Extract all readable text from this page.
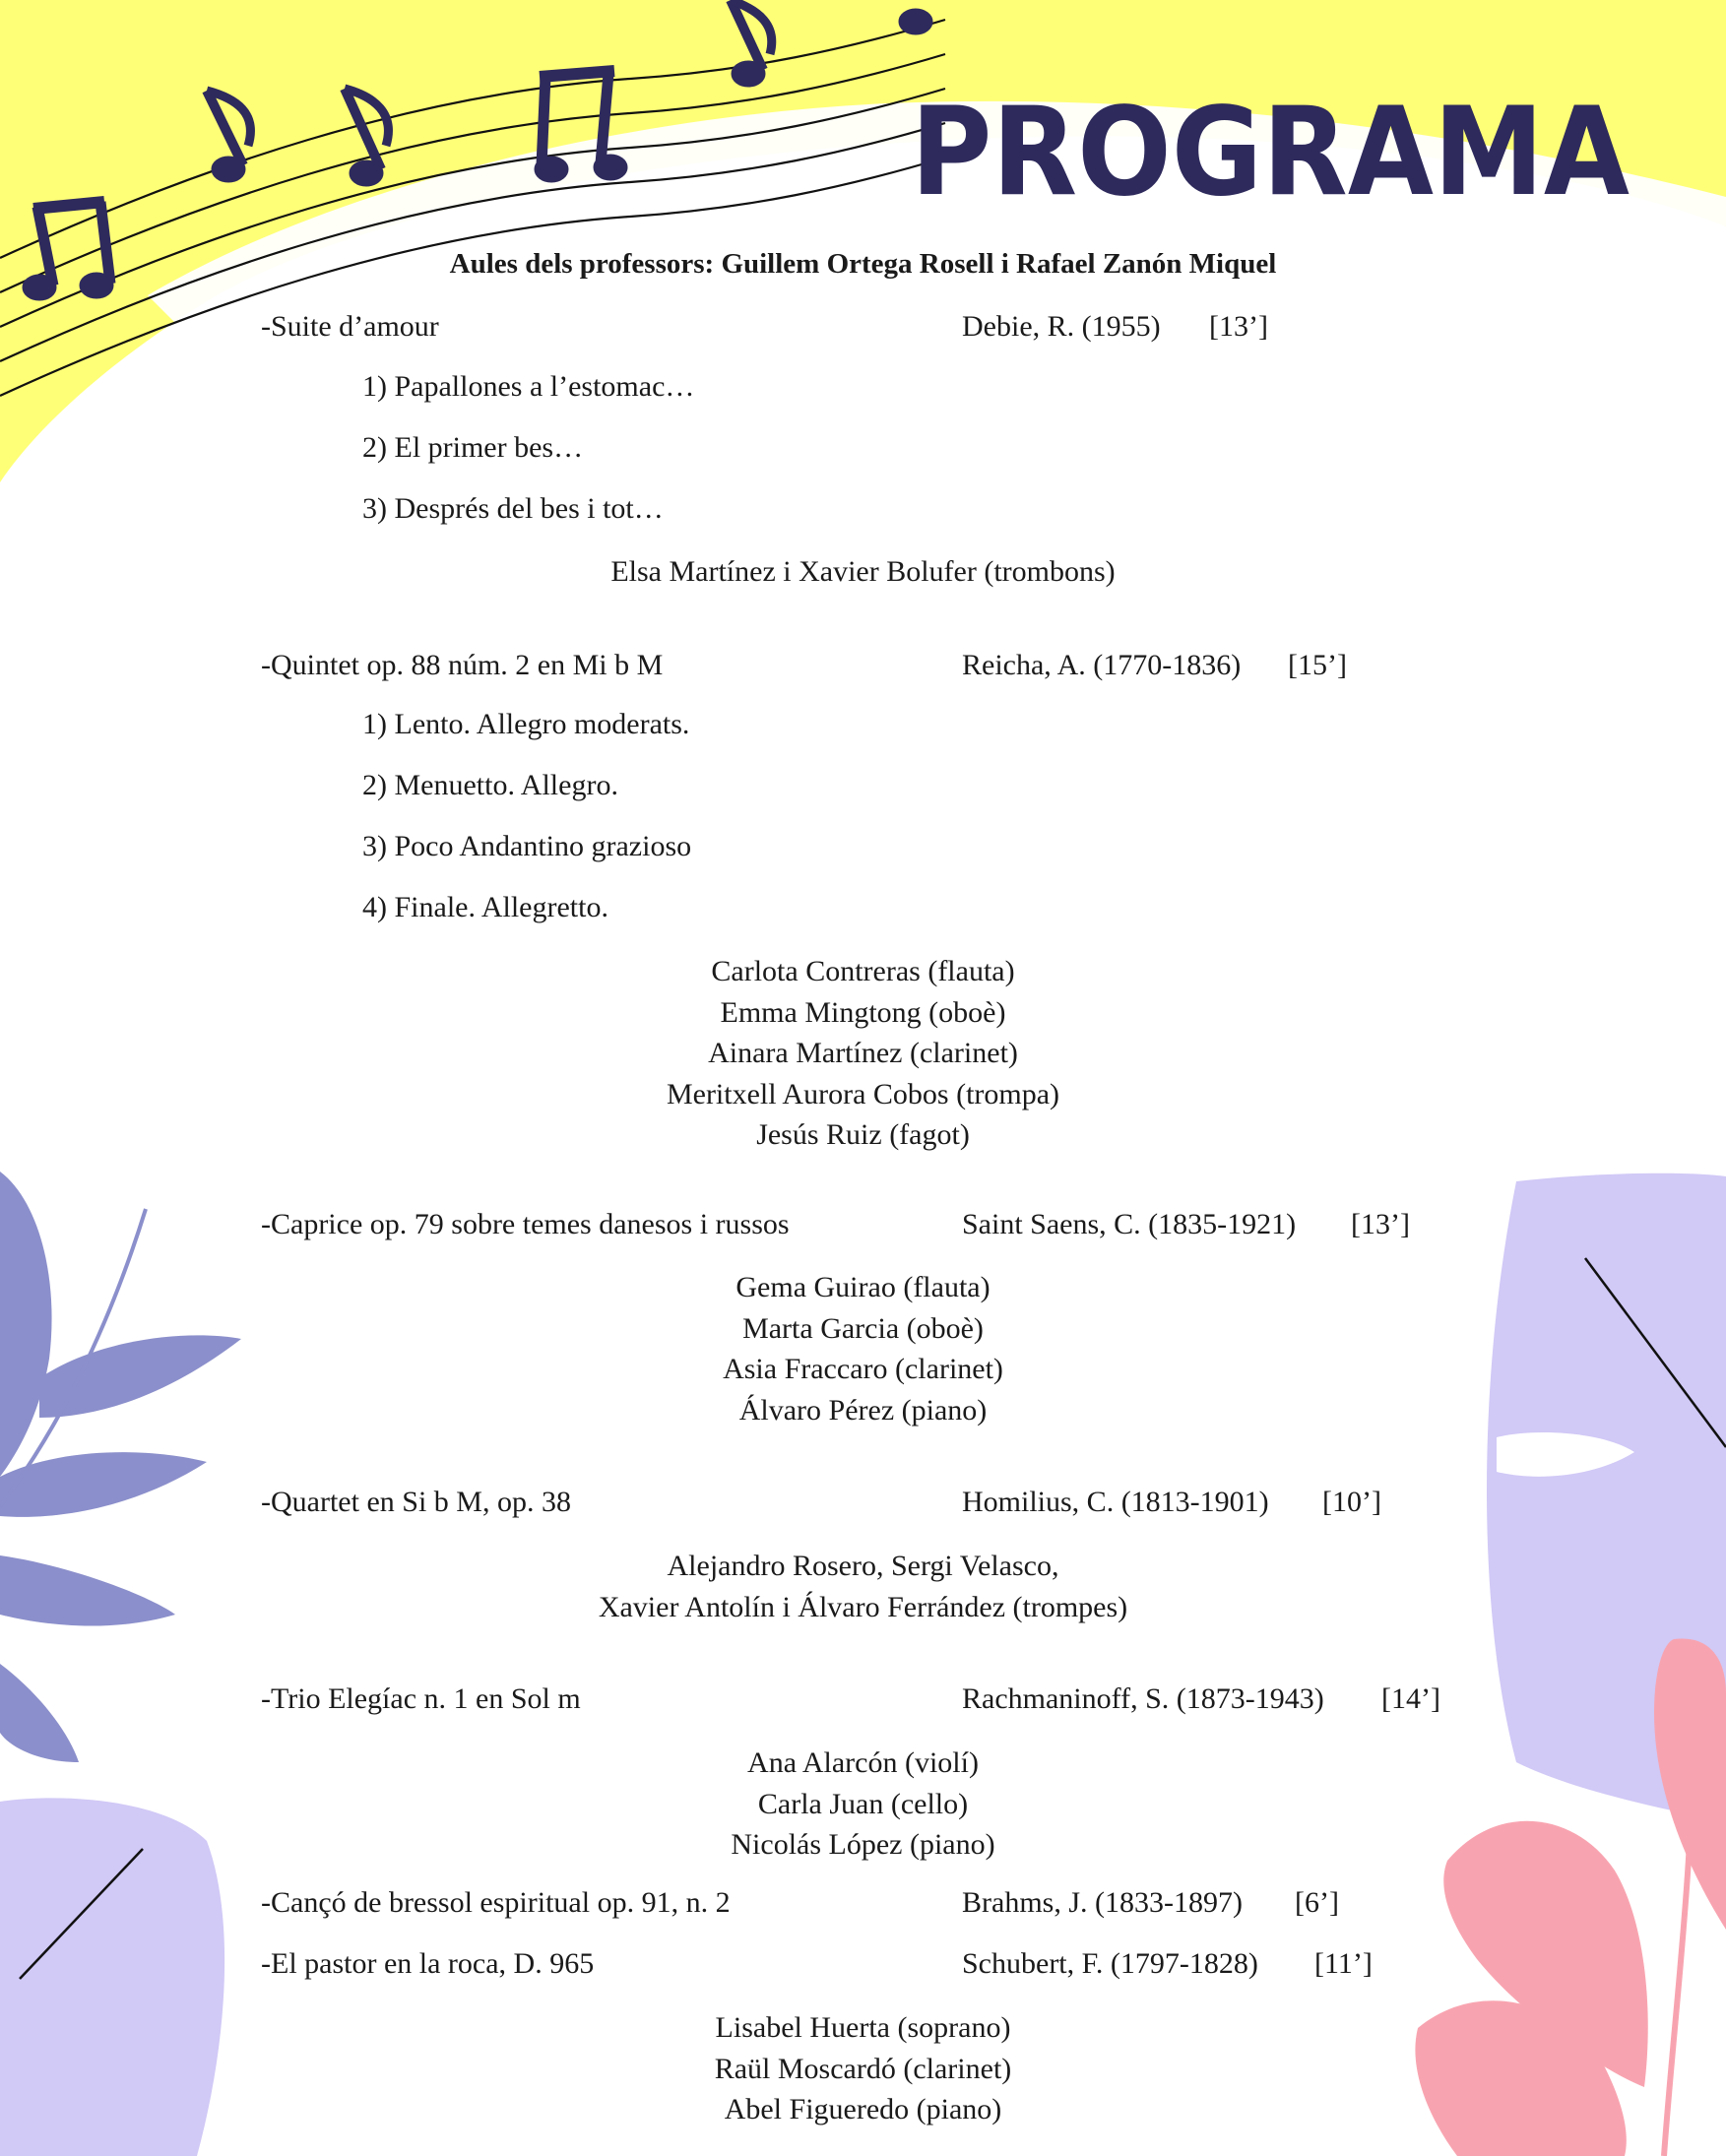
PROGRAMA
Aules dels professors: Guillem Ortega Rosell i Rafael Zanón Miquel
-Suite d’amour	Debie, R. (1955) [13’]
1) Papallones a l’estomac…
2) El primer bes…
3) Després del bes i tot…
Elsa Martínez i Xavier Bolufer (trombons)
-Quintet op. 88 núm. 2 en Mi b M	Reicha, A. (1770-1836) [15’]
1) Lento. Allegro moderats.
2) Menuetto. Allegro.
3) Poco Andantino grazioso
4) Finale. Allegretto.
Carlota Contreras (flauta)
Emma Mingtong (oboè)
Ainara Martínez (clarinet)
Meritxell Aurora Cobos (trompa)
Jesús Ruiz (fagot)
-Caprice op. 79 sobre temes danesos i russos	Saint Saens, C. (1835-1921) [13’]
Gema Guirao (flauta)
Marta Garcia (oboè)
Asia Fraccaro (clarinet)
Álvaro Pérez (piano)
-Quartet en Si b M, op. 38	Homilius, C. (1813-1901) [10’]
Alejandro Rosero, Sergi Velasco,
Xavier Antolín i Álvaro Ferrández (trompes)
-Trio Elegíac n. 1 en Sol m	Rachmaninoff, S. (1873-1943) [14’]
Ana Alarcón (violí)
Carla Juan (cello)
Nicolás López (piano)
-Cançó de bressol espiritual op. 91, n. 2	Brahms, J. (1833-1897) [6’]
-El pastor en la roca, D. 965	Schubert, F. (1797-1828) [11’]
Lisabel Huerta (soprano)
Raül Moscardó (clarinet)
Abel Figueredo (piano)
